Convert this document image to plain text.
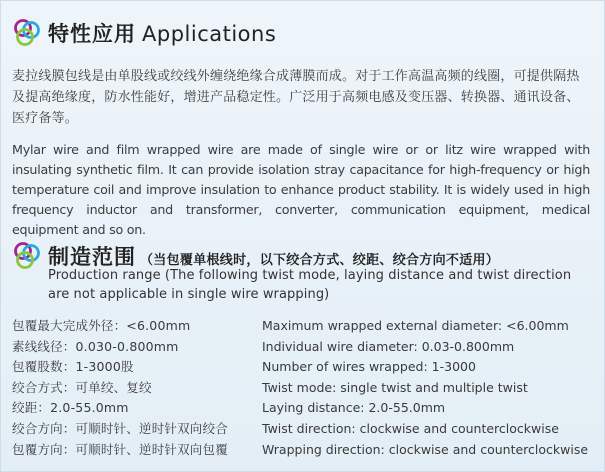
特性应用 Applications
麦拉线膜包线是由单股线或绞线外缠绕绝缘合成薄膜而成。对于工作高温高频的线圈，可提供隔热及提高绝缘度，防水性能好，增进产品稳定性。广泛用于高频电感及变压器、转换器、通讯设备、医疗备等。
Mylar wire and film wrapped wire are made of single wire or or litz wire wrapped with insulating synthetic film. It can provide isolation stray capacitance for high-frequency or high temperature coil and improve insulation to enhance product stability. It is widely used in high frequency inductor and transformer, converter, communication equipment, medical equipment and so on.
制造范围 （当包覆单根线时，以下绞合方式、绞距、绞合方向不适用）
Production range (The following twist mode, laying distance and twist direction are not applicable in single wire wrapping)
包覆最大完成外径：<6.00mm
素线线径：0.030-0.800mm
包覆股数：1-3000股
绞合方式：可单绞、复绞
绞距：2.0-55.0mm
绞合方向：可顺时针、逆时针双向绞合
包覆方向：可顺时针、逆时针双向包覆
Maximum wrapped external diameter: <6.00mm
Individual wire diameter: 0.03-0.800mm
Number of wires wrapped: 1-3000
Twist mode: single twist and multiple twist
Laying distance: 2.0-55.0mm
Twist direction: clockwise and counterclockwise
Wrapping direction: clockwise and counterclockwise
